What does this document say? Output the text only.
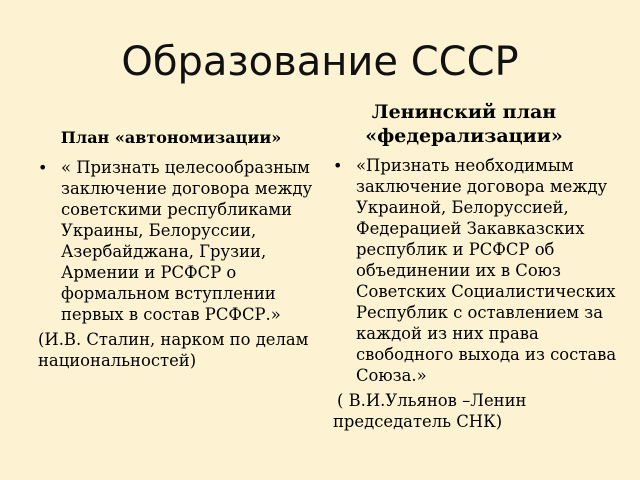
Образование СССР
План «автономизации»
Ленинский план «федерализации»
• « Признать целесообразным заключение договора между советскими республиками Украины, Белоруссии, Азербайджана, Грузии, Армении и РСФСР о формальном вступлении первых в состав РСФСР.»

(И.В. Сталин, нарком по делам национальностей)

• «Признать необходимым заключение договора между Украиной, Белоруссией, Федерацией Закавказских республик и РСФСР об объединении их в Союз Советских Социалистических Республик с оставлением за каждой из них права свободного выхода из состава Союза.»

( В.И.Ульянов –Ленин председатель СНК)
